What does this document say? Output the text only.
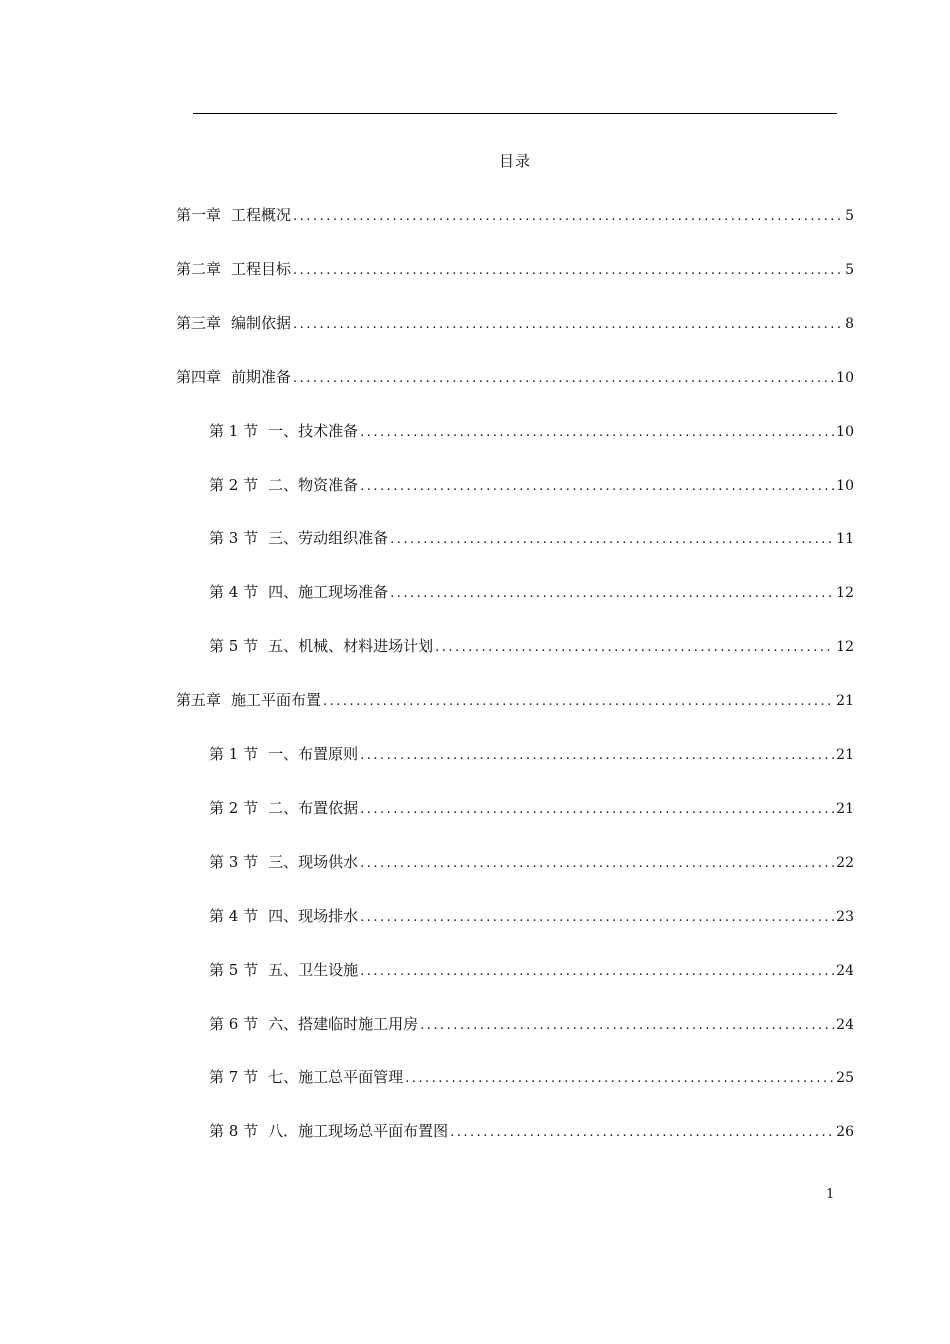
目录
第一章 工程概况 .....	5
第二章 工程目标 .....	5
第三章 编制依据 .....	8
第四章 前期准备 .....	10
第 1 节 一、技术准备 .....	10
第 2 节 二、物资准备 .....	10
第 3 节 三、劳动组织准备 .....	11
第 4 节 四、施工现场准备 .....	12
第 5 节 五、机械、材料进场计划 .....	12
第五章 施工平面布置 .....	21
第 1 节 一、布置原则 .....	21
第 2 节 二、布置依据 .....	21
第 3 节 三、现场供水 .....	22
第 4 节 四、现场排水 .....	23
第 5 节 五、卫生设施 .....	24
第 6 节 六、搭建临时施工用房 .....	24
第 7 节 七、施工总平面管理 .....	25
第 8 节 八．施工现场总平面布置图 .....	26
1
